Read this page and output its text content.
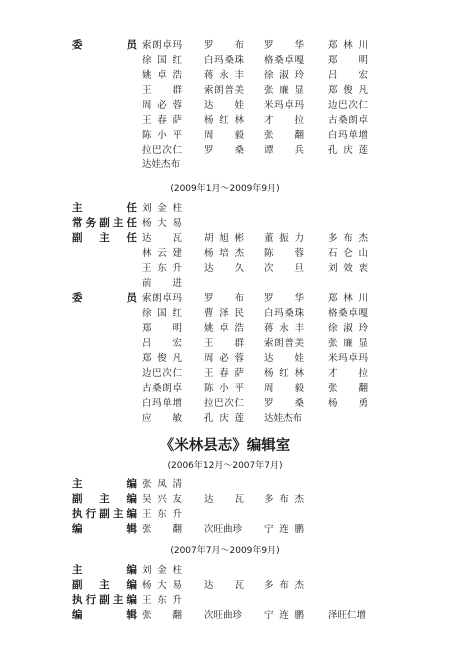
委员 索朗卓玛 罗布 罗华	郑林川
徐国红 白玛桑珠 格桑卓嘎	郑明
姚卓浩 蒋永丰 徐淑玲	吕宏
王群 索朗普美 张廉显	郑俊凡
周必蓉 达娃 米玛卓玛	边巴次仁
王春萨 杨红林 才拉	古桑朗卓
陈小平 周毅 张翻	白玛单增
拉巴次仁 罗桑 谭兵	孔庆莲
达娃杰布
(2009年1月～2009年9月)
主任 刘金柱
常务副主任 杨大易
副主任 达瓦 胡旭彬 董振力	多布杰
林云建 杨培杰 陈蓉	石仑山
王东升 达久 次旦	刘效衷
前进
委员 索朗卓玛 罗布 罗华	郑林川
徐国红 曹泽民 白玛桑珠	格桑卓嘎
郑明 姚卓浩 蒋永丰	徐淑玲
吕宏 王群 索朗普美	张廉显
郑俊凡 周必蓉 达娃	米玛卓玛
边巴次仁 王春萨 杨红林	才拉
古桑朗卓 陈小平 周毅	张翻
白玛单增 拉巴次仁 罗桑	杨勇
应敏 孔庆莲 达娃杰布
《米林县志》编辑室
(2006年12月～2007年7月)
主编 张凤清
副主编 吴兴友 达瓦 多布杰
执行副主编 王东升
编辑 张翻 次旺曲珍 宁连鹏
(2007年7月～2009年9月)
主编 刘金柱
副主编 杨大易 达瓦 多布杰
执行副主编 王东升
编辑 张翻 次旺曲珍 宁连鹏	泽旺仁增
